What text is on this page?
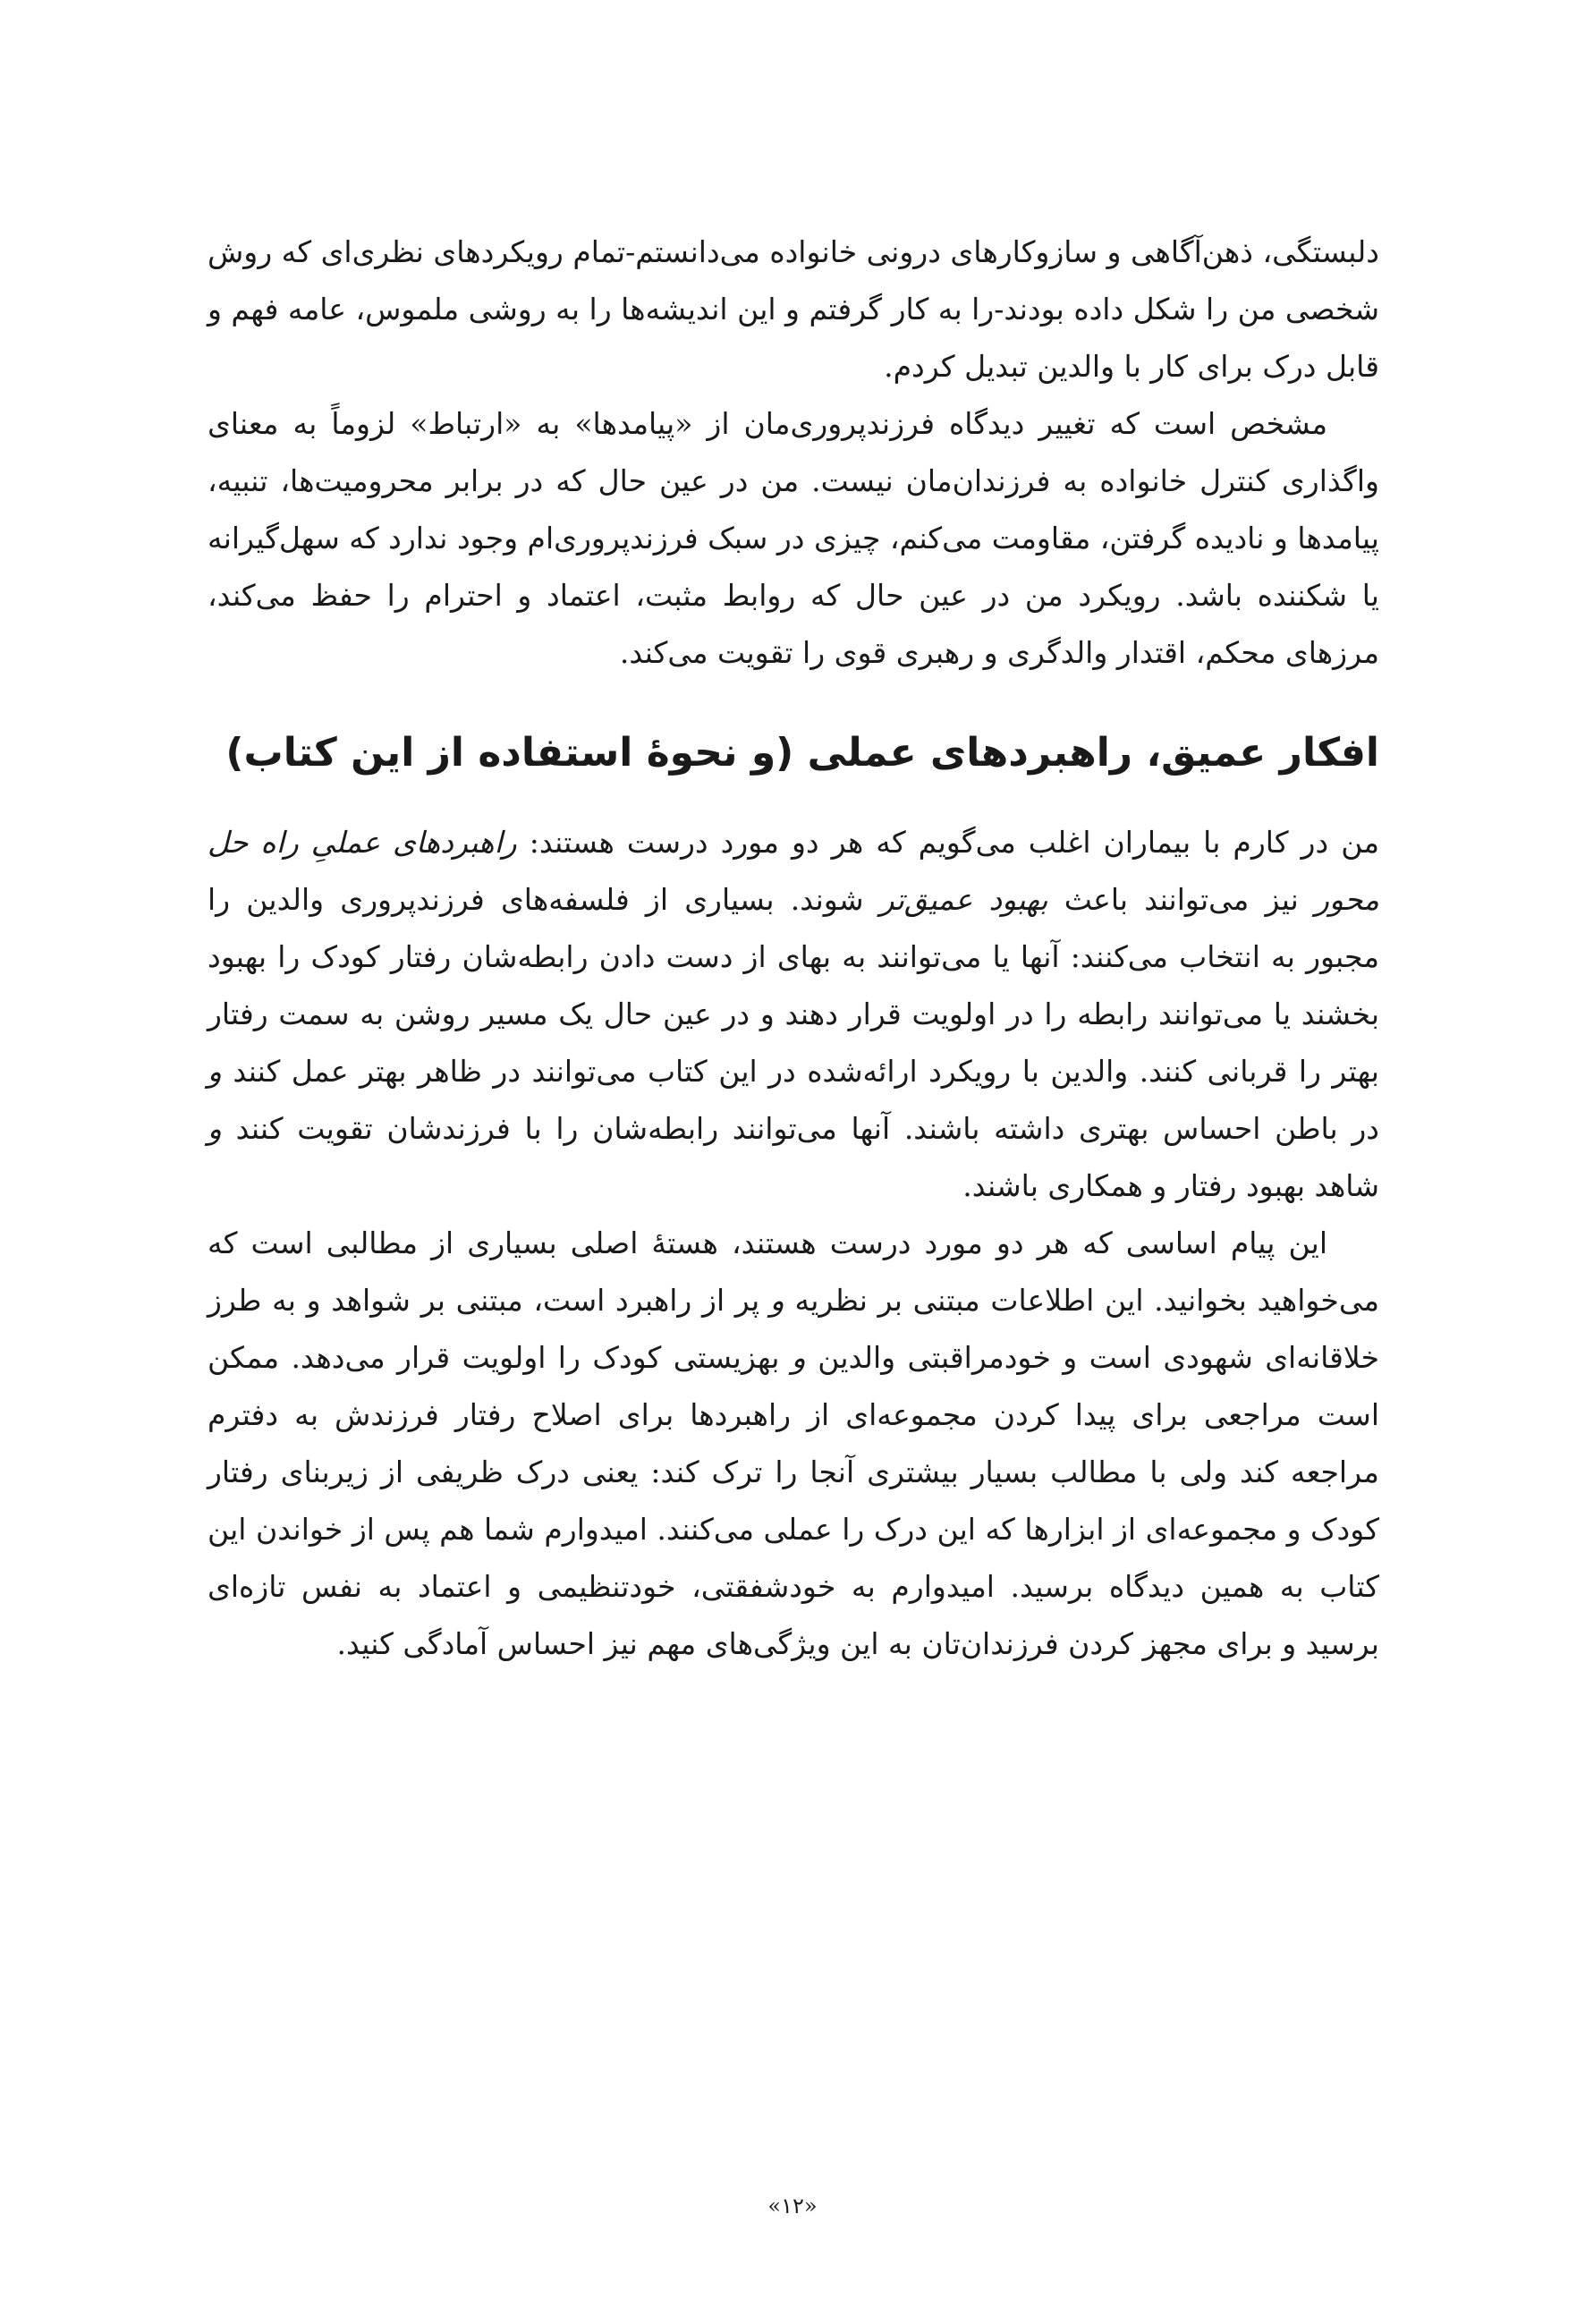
دلبستگی، ذهن‌آگاهی و سازوکارهای درونی خانواده می‌دانستم-تمام رویکردهای نظری‌ای که روش شخصی من را شکل داده بودند-را به کار گرفتم و این اندیشه‌ها را به روشی ملموس، عامه فهم و قابل درک برای کار با والدین تبدیل کردم.

مشخص است که تغییر دیدگاه فرزندپروری‌مان از «پیامدها» به «ارتباط» لزوماً به معنای واگذاری کنترل خانواده به فرزندان‌مان نیست. من در عین حال که در برابر محرومیت‌ها، تنبیه، پیامدها و نادیده گرفتن، مقاومت می‌کنم، چیزی در سبک فرزندپروری‌ام وجود ندارد که سهل‌گیرانه یا شکننده باشد. رویکرد من در عین حال که روابط مثبت، اعتماد و احترام را حفظ می‌کند، مرزهای محکم، اقتدار والدگری و رهبری قوی را تقویت می‌کند.

افکار عمیق، راهبردهای عملی (و نحوهٔ استفاده از این کتاب)

من در کارم با بیماران اغلب می‌گویم که هر دو مورد درست هستند: راهبردهای عملیِ راه حل محور نیز می‌توانند باعث بهبود عمیق‌تر شوند. بسیاری از فلسفه‌های فرزندپروری والدین را مجبور به انتخاب می‌کنند: آنها یا می‌توانند به بهای از دست دادن رابطه‌شان رفتار کودک را بهبود بخشند یا می‌توانند رابطه را در اولویت قرار دهند و در عین حال یک مسیر روشن به سمت رفتار بهتر را قربانی کنند. والدین با رویکرد ارائه‌شده در این کتاب می‌توانند در ظاهر بهتر عمل کنند و در باطن احساس بهتری داشته باشند. آنها می‌توانند رابطه‌شان را با فرزندشان تقویت کنند و شاهد بهبود رفتار و همکاری باشند.

این پیام اساسی که هر دو مورد درست هستند، هستهٔ اصلی بسیاری از مطالبی است که می‌خواهید بخوانید. این اطلاعات مبتنی بر نظریه و پر از راهبرد است، مبتنی بر شواهد و به طرز خلاقانه‌ای شهودی است و خودمراقبتی والدین و بهزیستی کودک را اولویت قرار می‌دهد. ممکن است مراجعی برای پیدا کردن مجموعه‌ای از راهبردها برای اصلاح رفتار فرزندش به دفترم مراجعه کند ولی با مطالب بسیار بیشتری آنجا را ترک کند: یعنی درک ظریفی از زیربنای رفتار کودک و مجموعه‌ای از ابزارها که این درک را عملی می‌کنند. امیدوارم شما هم پس از خواندن این کتاب به همین دیدگاه برسید. امیدوارم به خودشفقتی، خودتنظیمی و اعتماد به نفس تازه‌ای برسید و برای مجهز کردن فرزندان‌تان به این ویژگی‌های مهم نیز احساس آمادگی کنید.

«۱۲»
